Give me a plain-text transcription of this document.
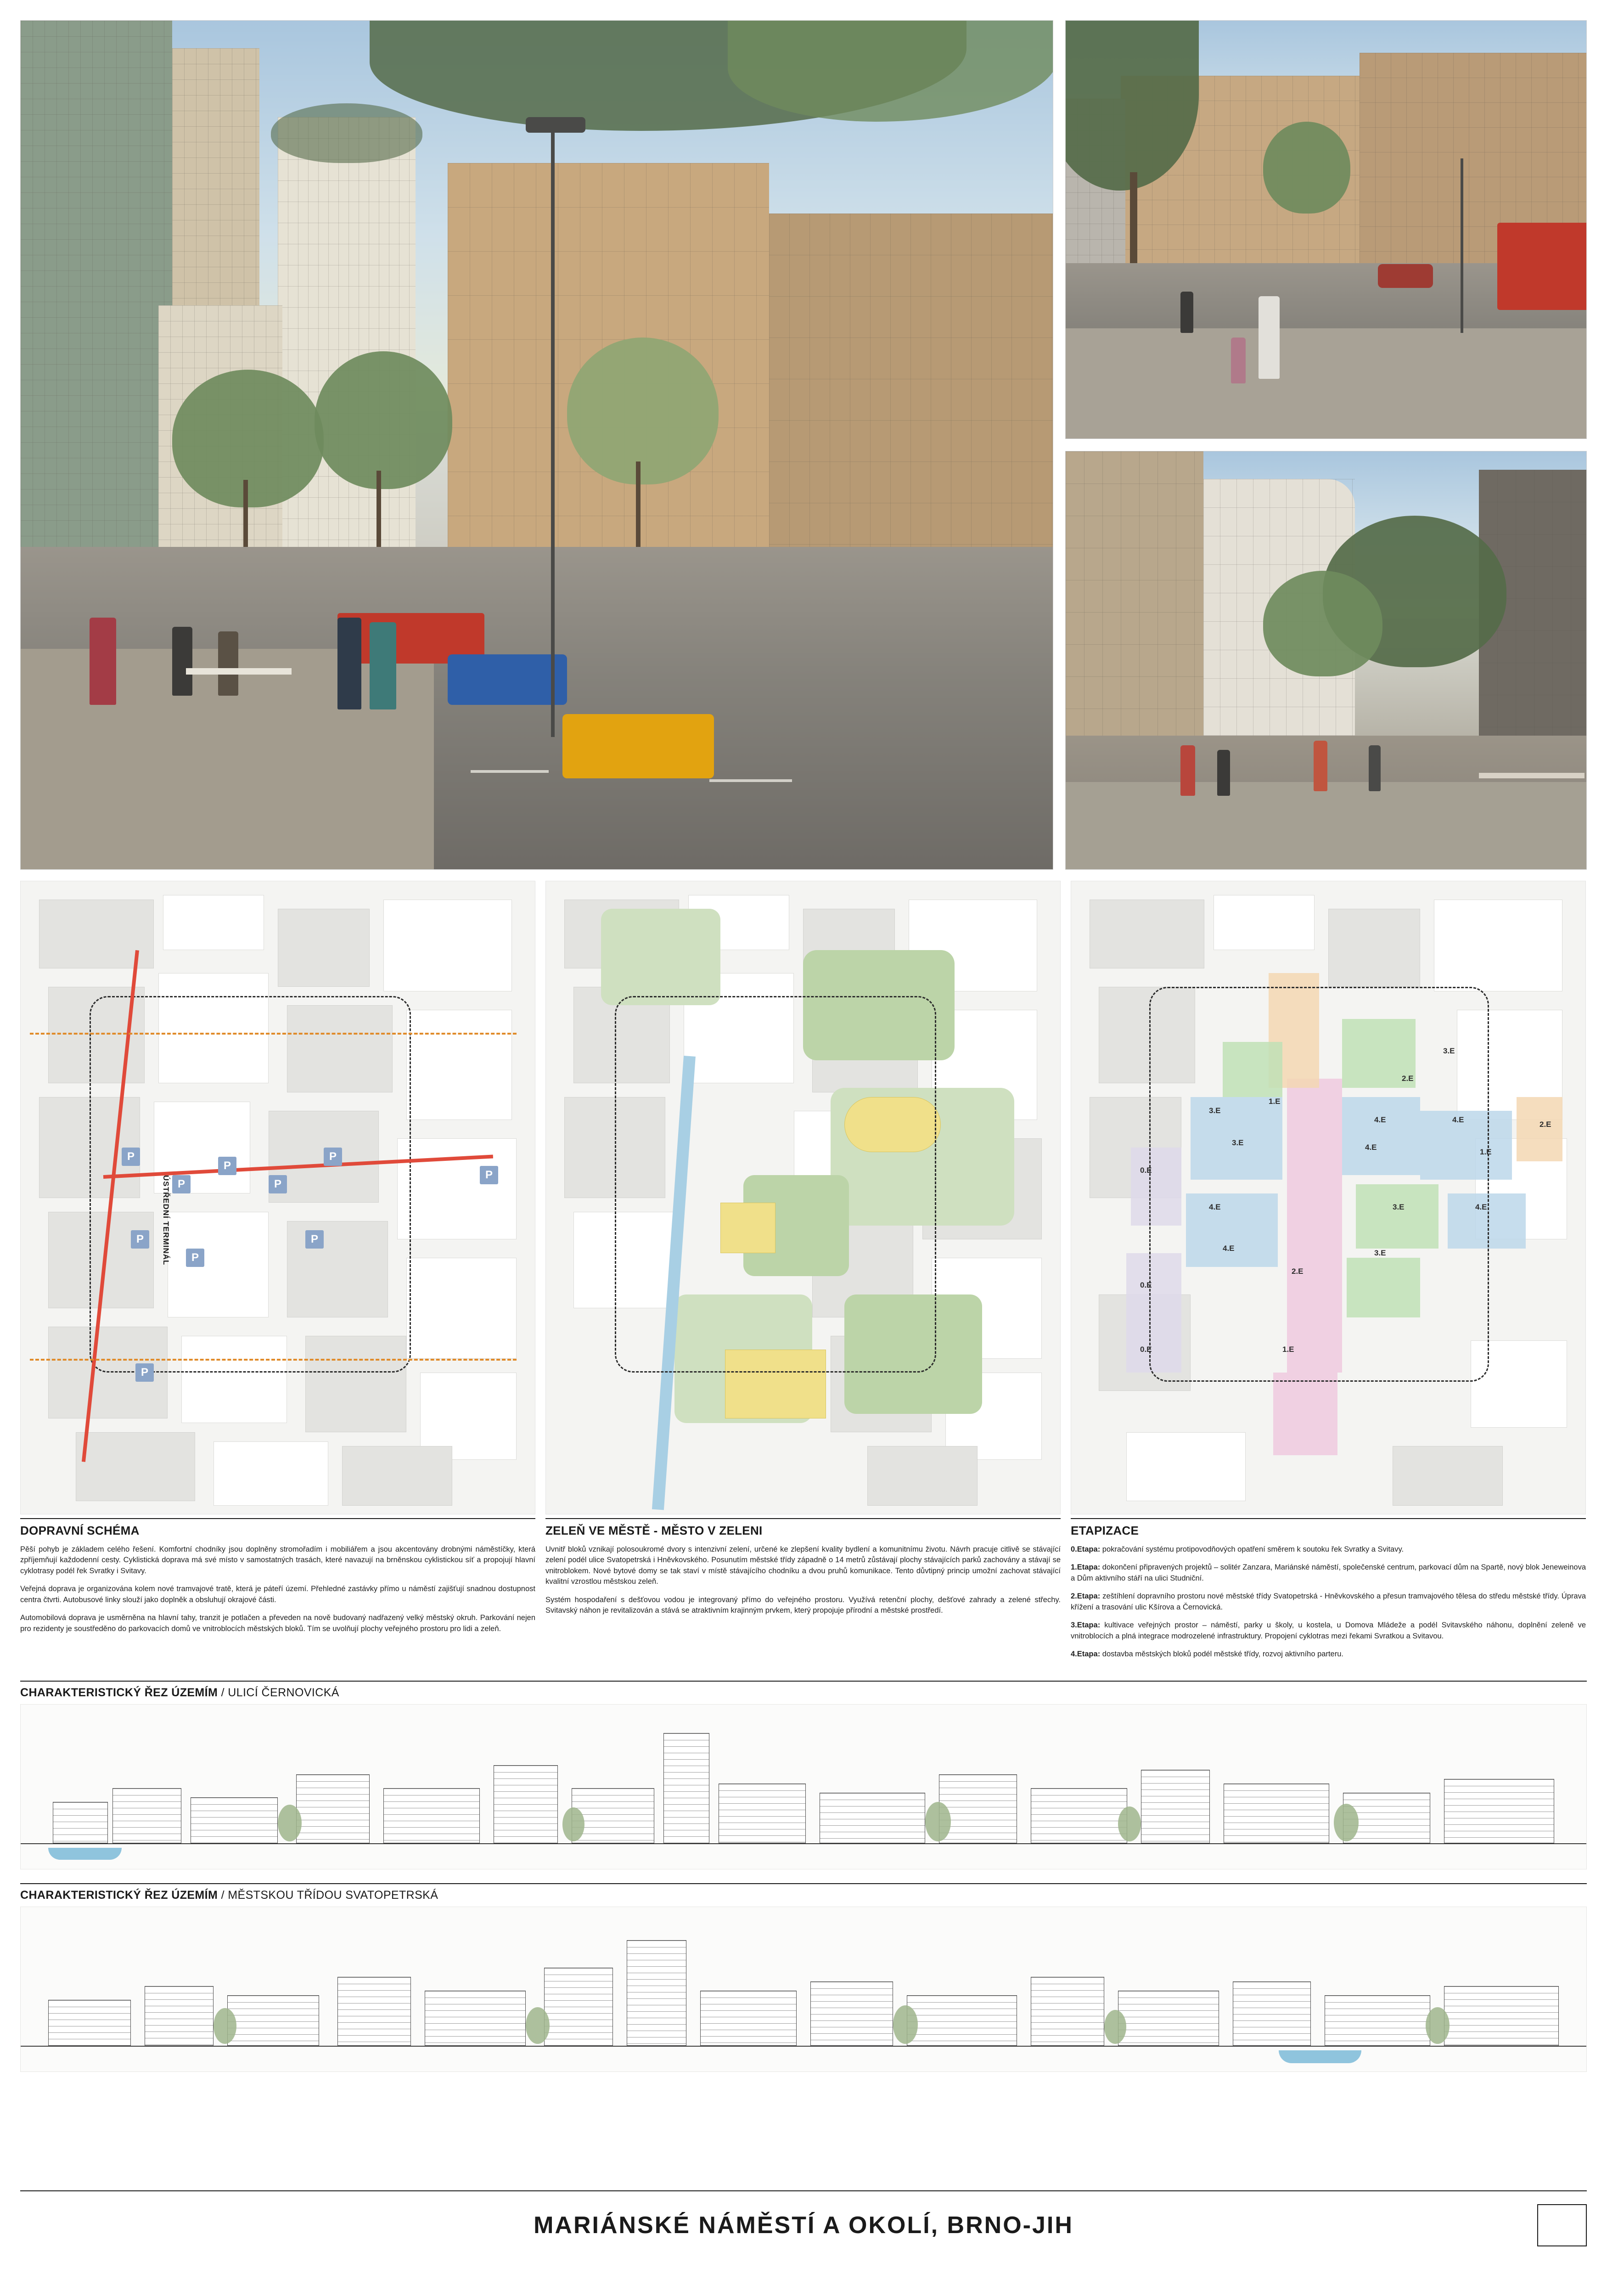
P
P
P
P
P
P
P
P
P
P
ÚSTŘEDNÍ TERMINÁL
3.E
2.E
1.E
3.E
4.E	4.E
2.E
3.E
4.E
1.E
0.E
4.E	3.E	4.E
4.E
3.E
2.E
0.E
1.E
0.E
DOPRAVNÍ SCHÉMA

Pěší pohyb je základem celého řešení. Komfortní chodníky jsou doplněny stromořadím i mobiliářem a jsou akcentovány drobnými náměstíčky, která zpříjemňují každodenní cesty. Cyklistická doprava má své místo v samostatných trasách, které navazují na brněnskou cyklistickou síť a propojují hlavní cyklotrasy podél řek Svratky i Svitavy.

Veřejná doprava je organizována kolem nové tramvajové tratě, která je páteří území. Přehledné zastávky přímo u náměstí zajišťují snadnou dostupnost centra čtvrti. Autobusové linky slouží jako doplněk a obsluhují okrajové části.

Automobilová doprava je usměrněna na hlavní tahy, tranzit je potlačen a převeden na nově budovaný nadřazený velký městský okruh. Parkování nejen pro rezidenty je soustředěno do parkovacích domů ve vnitroblocích městských bloků. Tím se uvolňují plochy veřejného prostoru pro lidi a zeleň.

ZELEŇ VE MĚSTĚ - MĚSTO V ZELENI

Uvnitř bloků vznikají polosoukromé dvory s intenzivní zelení, určené ke zlepšení kvality bydlení a komunitnímu životu. Návrh pracuje citlivě se stávající zelení podél ulice Svatopetrská i Hněvkovského. Posunutím městské třídy západně o 14 metrů zůstávají plochy stávajících parků zachovány a stávají se vnitroblokem. Nové bytové domy se tak staví v místě stávajícího chodníku a dvou pruhů komunikace. Tento důvtipný princip umožní zachovat stávající kvalitní vzrostlou městskou zeleň.

Systém hospodaření s dešťovou vodou je integrovaný přímo do veřejného prostoru. Využívá retenční plochy, dešťové zahrady a zelené střechy. Svitavský náhon je revitalizován a stává se atraktivním krajinným prvkem, který propojuje přírodní a městské prostředí.

ETAPIZACE

0.Etapa: pokračování systému protipovodňových opatření směrem k soutoku řek Svratky a Svitavy.

1.Etapa: dokončení připravených projektů – solitér Zanzara, Mariánské náměstí, společenské centrum, parkovací dům na Spartě, nový blok Jeneweinova a Dům aktivního stáří na ulici Studniční.

2.Etapa: zeštíhlení dopravního prostoru nové městské třídy Svatopetrská - Hněvkovského a přesun tramvajového tělesa do středu městské třídy. Úprava křížení a trasování ulic Kšírova a Černovická.

3.Etapa: kultivace veřejných prostor – náměstí, parky u školy, u kostela, u Domova Mládeže a podél Svitavského náhonu, doplnění zeleně ve vnitroblocích a plná integrace modrozelené infrastruktury. Propojení cyklotras mezi řekami Svratkou a Svitavou.

4.Etapa: dostavba městských bloků podél městské třídy, rozvoj aktivního parteru.

CHARAKTERISTICKÝ ŘEZ ÚZEMÍM / ULICÍ ČERNOVICKÁ
CHARAKTERISTICKÝ ŘEZ ÚZEMÍM / MĚSTSKOU TŘÍDOU SVATOPETRSKÁ
MARIÁNSKÉ NÁMĚSTÍ A OKOLÍ, BRNO-JIH
